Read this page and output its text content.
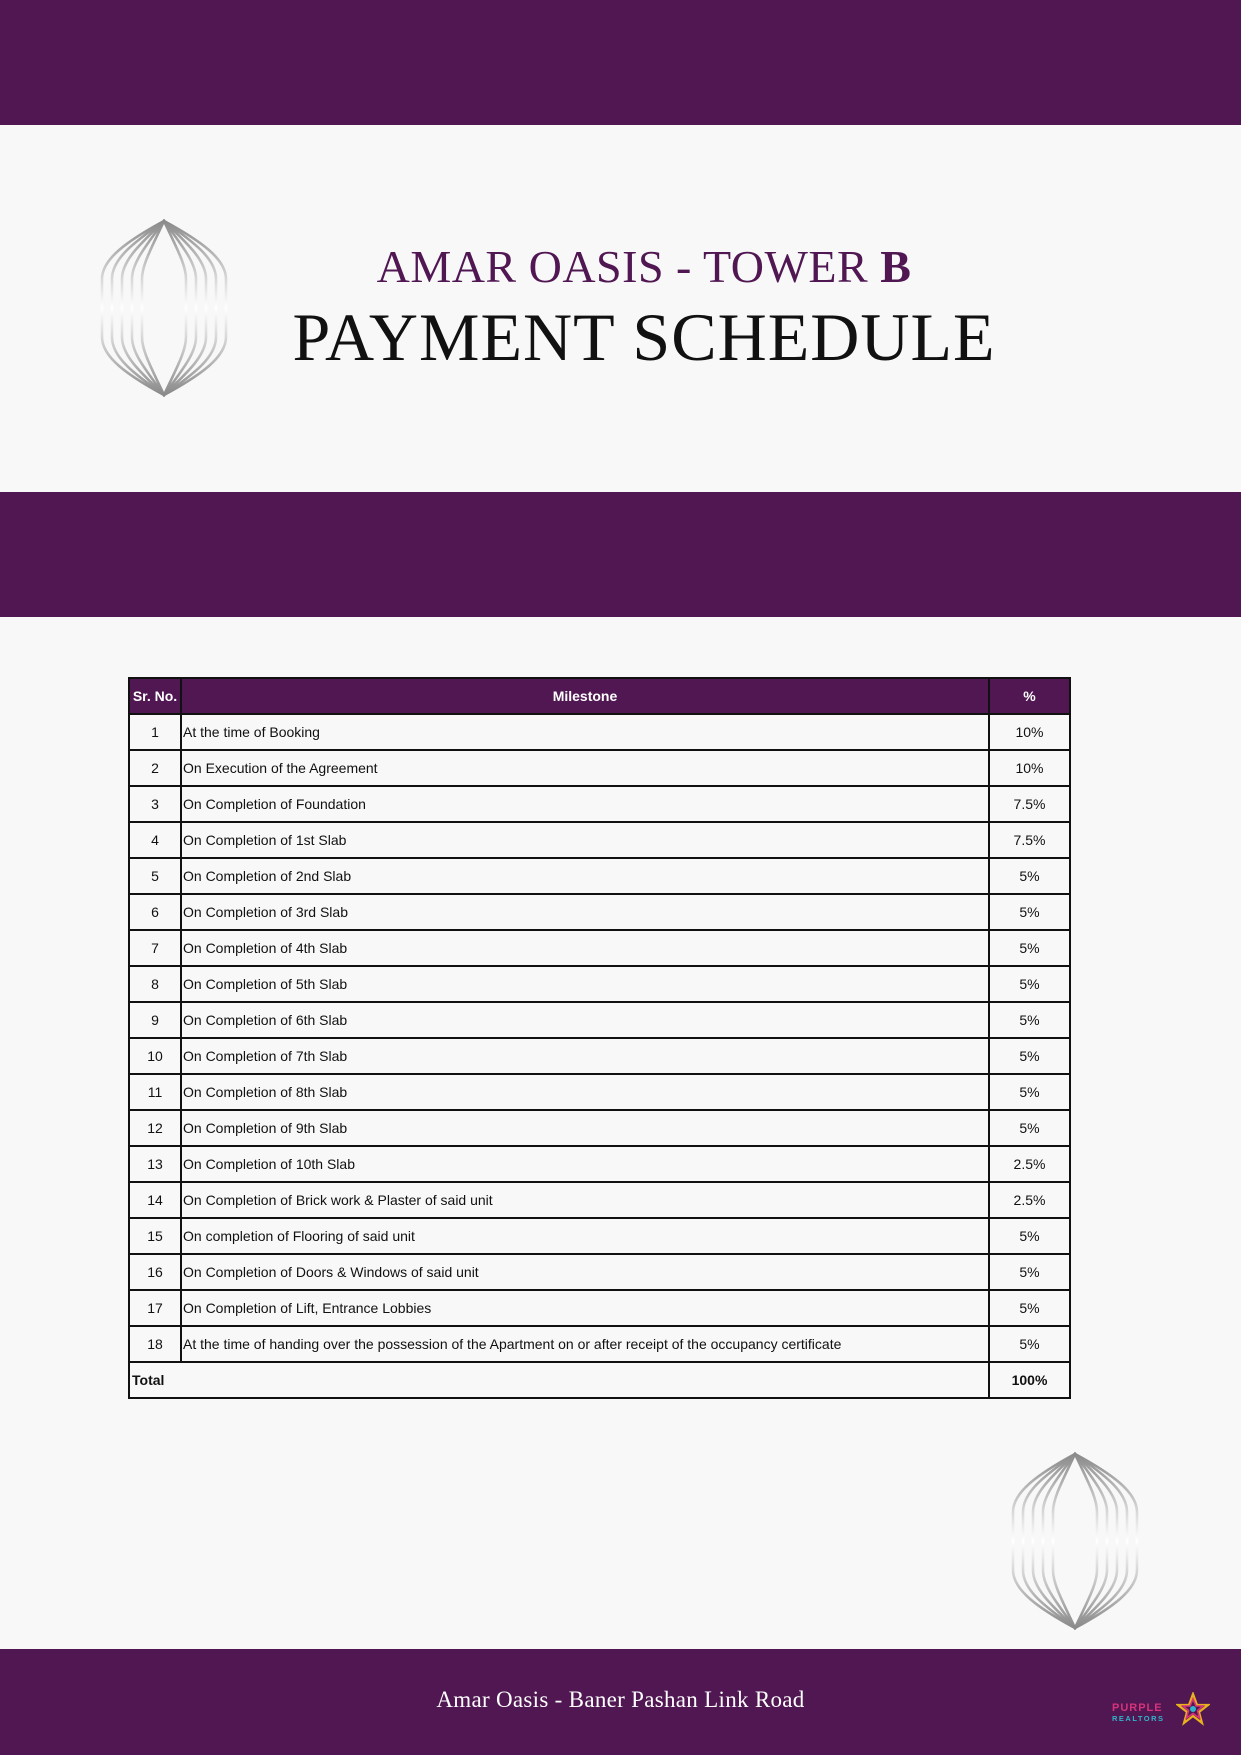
AMAR OASIS - TOWER B
PAYMENT SCHEDULE
Sr. No.	Milestone	%
1	At the time of Booking	10%
2	On Execution of the Agreement	10%
3	On Completion of Foundation	7.5%
4	On Completion of 1st Slab	7.5%
5	On Completion of 2nd Slab	5%
6	On Completion of 3rd Slab	5%
7	On Completion of 4th Slab	5%
8	On Completion of 5th Slab	5%
9	On Completion of 6th Slab	5%
10	On Completion of 7th Slab	5%
11	On Completion of 8th Slab	5%
12	On Completion of 9th Slab	5%
13	On Completion of 10th Slab	2.5%
14	On Completion of Brick work & Plaster of said unit	2.5%
15	On completion of Flooring of said unit	5%
16	On Completion of Doors & Windows of said unit	5%
17	On Completion of Lift, Entrance Lobbies	5%
18	At the time of handing over the possession of the Apartment on or after receipt of the occupancy certificate	5%
Total		100%
Amar Oasis - Baner Pashan Link Road	PURPLE
REALTORS
